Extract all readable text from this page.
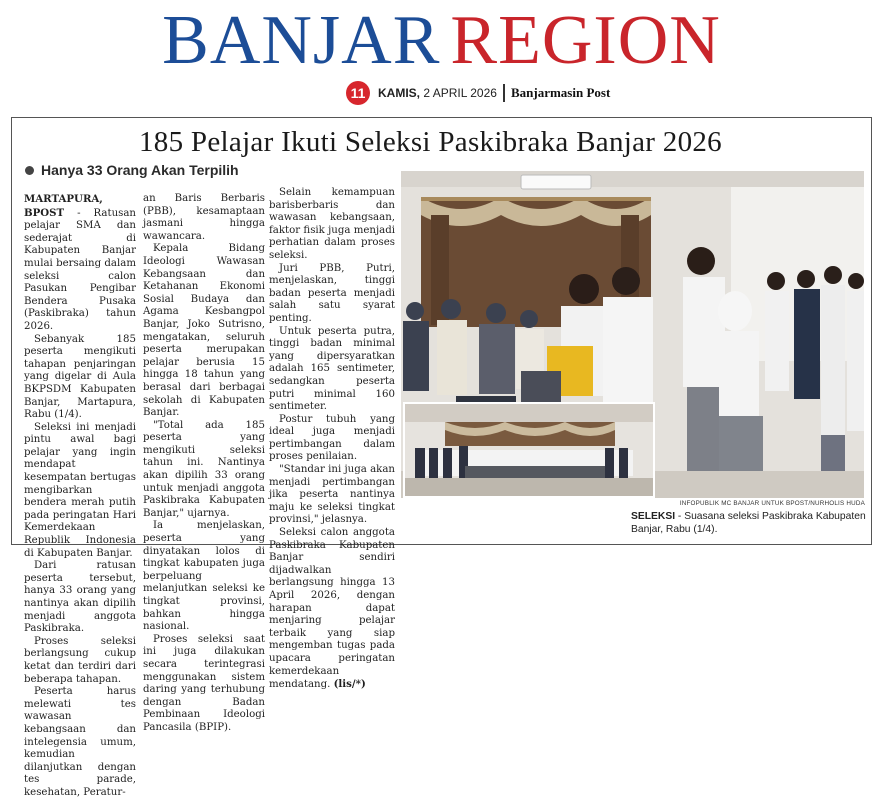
BANJAR REGION
11	KAMIS, 2 APRIL 2026 Banjarmasin Post
185 Pelajar Ikuti Seleksi Paskibraka Banjar 2026
Hanya 33 Orang Akan Terpilih

MARTAPURA, BPOST - Ratusan pelajar SMA dan sederajat di Kabupaten Banjar mulai bersaing dalam seleksi calon Pasukan Pengibar Bendera Pusaka (Paskibraka) tahun 2026.

Sebanyak 185 peserta mengikuti tahapan penjaringan yang digelar di Aula BKPSDM Kabupaten Banjar, Martapura, Rabu (1/4).

Seleksi ini menjadi pintu awal bagi pelajar yang ingin mendapat kesempatan bertugas mengibarkan bendera merah putih pada peringatan Hari Kemerdekaan Republik Indonesia di Kabupaten Banjar.

Dari ratusan peserta tersebut, hanya 33 orang yang nantinya akan dipilih menjadi anggota Paskibraka.

Proses seleksi berlangsung cukup ketat dan terdiri dari beberapa tahapan.

Peserta harus melewati tes wawasan kebangsaan dan intelegensia umum, kemudian dilanjutkan dengan tes parade, kesehatan, Peratur-

an Baris Berbaris (PBB), kesamaptaan jasmani hingga wawancara.

Kepala Bidang Ideologi Wawasan Kebangsaan dan Ketahanan Ekonomi Sosial Budaya dan Agama Kesbangpol Banjar, Joko Sutrisno, mengatakan, seluruh peserta merupakan pelajar berusia 15 hingga 18 tahun yang berasal dari berbagai sekolah di Kabupaten Banjar.

"Total ada 185 peserta yang mengikuti seleksi tahun ini. Nantinya akan dipilih 33 orang untuk menjadi anggota Paskibraka Kabupaten Banjar," ujarnya.

Ia menjelaskan, peserta yang dinyatakan lolos di tingkat kabupaten juga berpeluang melanjutkan seleksi ke tingkat provinsi, bahkan hingga nasional.

Proses seleksi saat ini juga dilakukan secara terintegrasi menggunakan sistem daring yang terhubung dengan Badan Pembinaan Ideologi Pancasila (BPIP).

Selain kemampuan barisberbaris dan wawasan kebangsaan, faktor fisik juga menjadi perhatian dalam proses seleksi.

Juri PBB, Putri, menjelaskan, tinggi badan peserta menjadi salah satu syarat penting.

Untuk peserta putra, tinggi badan minimal yang dipersyaratkan adalah 165 sentimeter, sedangkan peserta putri minimal 160 sentimeter.

Postur tubuh yang ideal juga menjadi pertimbangan dalam proses penilaian.

"Standar ini juga akan menjadi pertimbangan jika peserta nantinya maju ke seleksi tingkat provinsi," jelasnya.

Seleksi calon anggota Paskibraka Kabupaten Banjar sendiri dijadwalkan berlangsung hingga 13 April 2026, dengan harapan dapat menjaring pelajar terbaik yang siap mengemban tugas pada upacara peringatan kemerdekaan mendatang. (lis/*)

INFOPUBLIK MC BANJAR UNTUK BPOST/NURHOLIS HUDA
SELEKSI - Suasana seleksi Paskibraka Kabupaten Banjar, Rabu (1/4).
